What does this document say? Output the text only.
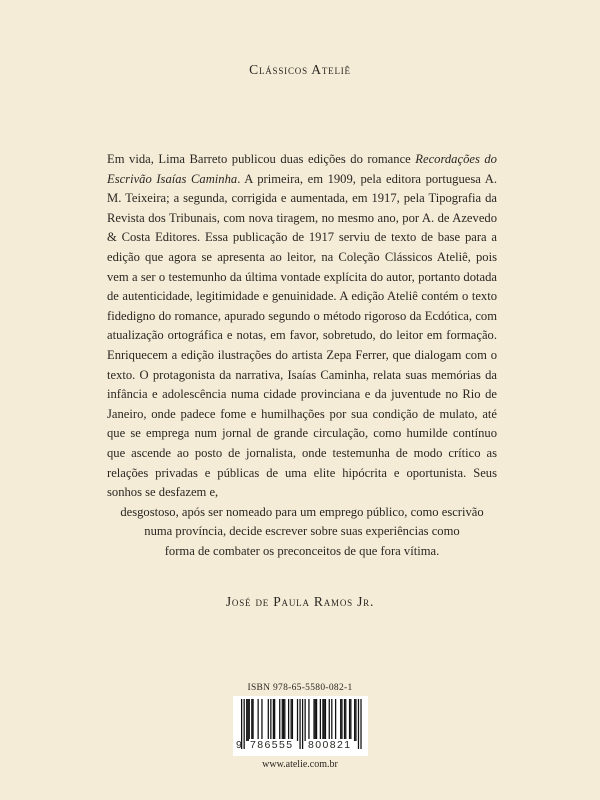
Clássicos Ateliê

Em vida, Lima Barreto publicou duas edições do romance Recordações do Escrivão Isaías Caminha. A primeira, em 1909, pela editora portuguesa A. M. Teixeira; a segunda, corrigida e aumentada, em 1917, pela Tipografia da Revista dos Tribunais, com nova tiragem, no mesmo ano, por A. de Azevedo & Costa Editores. Essa publicação de 1917 serviu de texto de base para a edição que agora se apresenta ao leitor, na Coleção Clássicos Ateliê, pois vem a ser o testemunho da última vontade explícita do autor, portanto dotada de autenticidade, legitimidade e genuinidade. A edição Ateliê contém o texto fidedigno do romance, apurado segundo o método rigoroso da Ecdótica, com atualização ortográfica e notas, em favor, sobretudo, do leitor em formação. Enriquecem a edição ilustrações do artista Zepa Ferrer, que dialogam com o texto. O protagonista da narrativa, Isaías Caminha, relata suas memórias da infância e adolescência numa cidade provinciana e da juventude no Rio de Janeiro, onde padece fome e humilhações por sua condição de mulato, até que se emprega num jornal de grande circulação, como humilde contínuo que ascende ao posto de jornalista, onde testemunha de modo crítico as relações privadas e públicas de uma elite hipócrita e oportunista. Seus sonhos se desfazem e,
desgostoso, após ser nomeado para um emprego público, como escrivão
numa província, decide escrever sobre suas experiências como
forma de combater os preconceitos de que fora vítima.

José de Paula Ramos Jr.
ISBN 978-65-5580-082-1
9 786555 800821
www.atelie.com.br
